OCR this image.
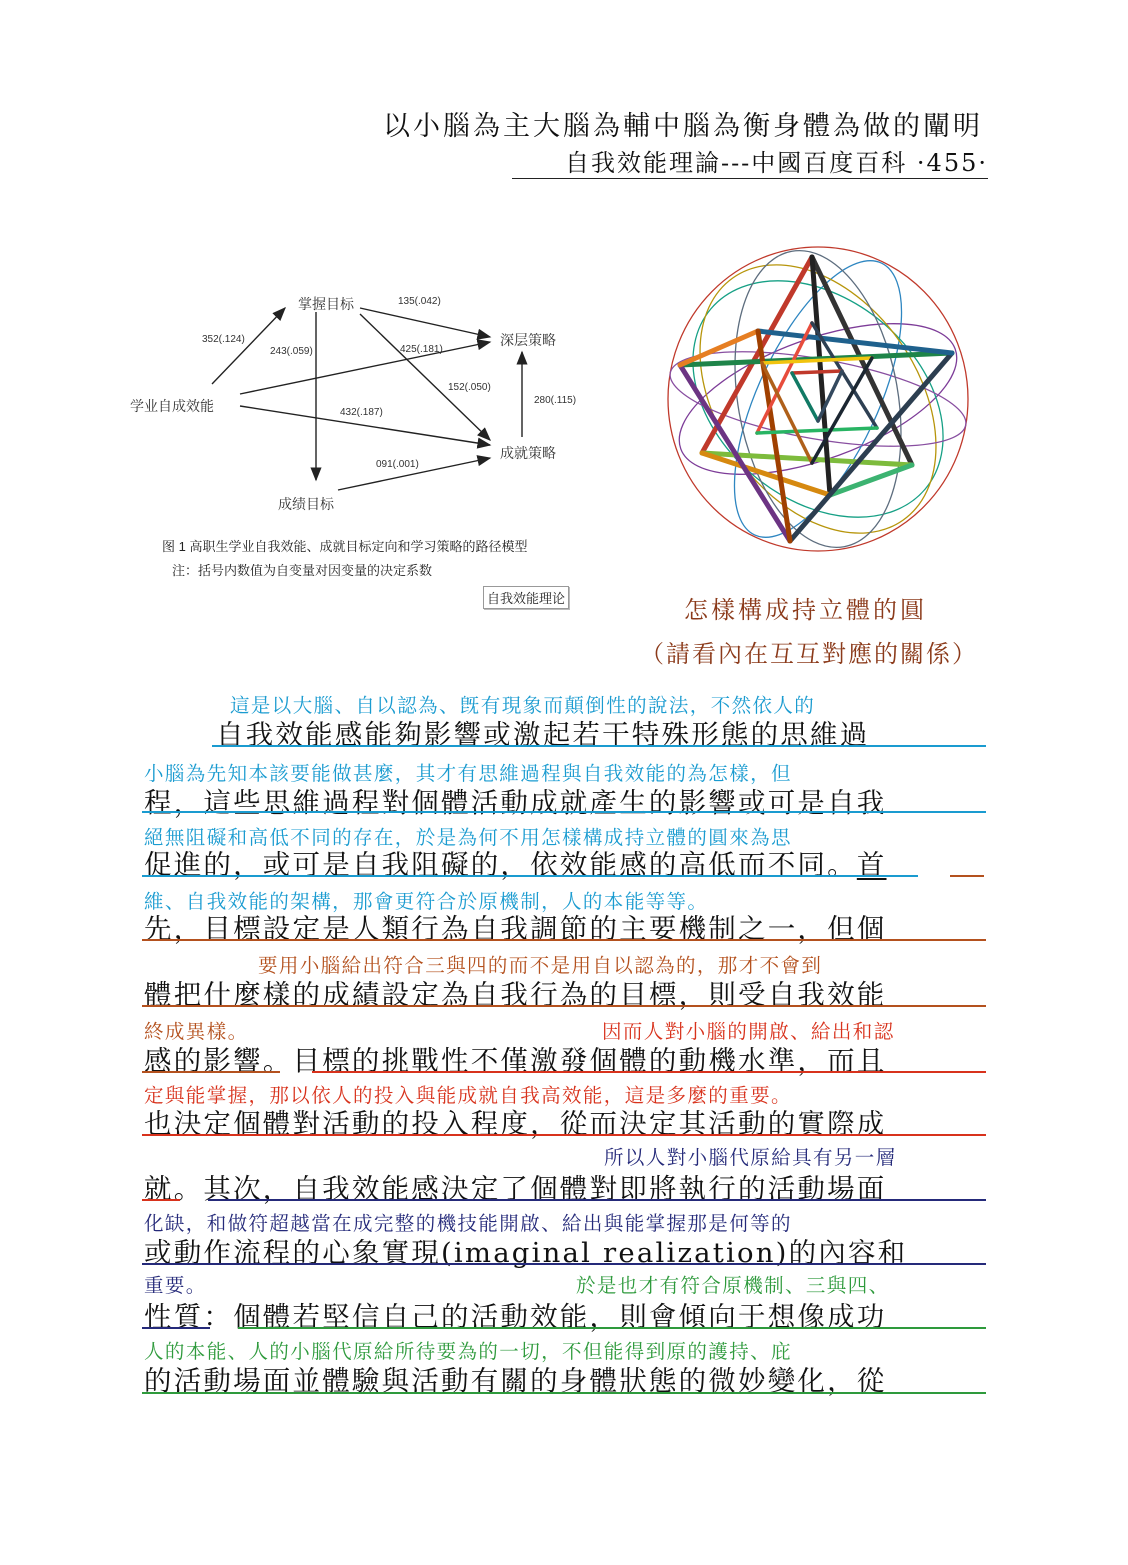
以小腦為主大腦為輔中腦為衡身體為做的闡明
自我效能理論---中國百度百科 ·455·
学业自成效能
掌握目标
深层策略
成就策略
成绩目标
352(.124)
243(.059)
135(.042)
425(.181)
152(.050)
280(.115)
432(.187)
091(.001)
图 1 高职生学业自我效能、成就目标定向和学习策略的路径模型
注：括号内数值为自变量对因变量的决定系数
自我效能理论	怎樣構成持立體的圓
（請看內在互互對應的關係）
這是以大腦、自以認為、旣有現象而顛倒性的說法，不然依人的
自我效能感能夠影響或激起若干特殊形態的思維過
小腦為先知本該要能做甚麼，其才有思維過程與自我效能的為怎樣，但
程，這些思維過程對個體活動成就產生的影響或可是自我
絕無阻礙和高低不同的存在，於是為何不用怎樣構成持立體的圓來為思
促進的，或可是自我阻礙的，依效能感的高低而不同。首
維、自我效能的架構，那會更符合於原機制，人的本能等等。
先，目標設定是人類行為自我調節的主要機制之一，但個
要用小腦給出符合三與四的而不是用自以認為的，那才不會到
體把什麼樣的成績設定為自我行為的目標，則受自我效能
終成異樣。	因而人對小腦的開啟、給出和認
感的影響。目標的挑戰性不僅激發個體的動機水準，而且
定與能掌握，那以依人的投入與能成就自我高效能，這是多麼的重要。
也決定個體對活動的投入程度，從而決定其活動的實際成
所以人對小腦代原給具有另一層
就。其次，自我效能感決定了個體對即將執行的活動場面
化缺，和做符超越當在成完整的機技能開啟、給出與能掌握那是何等的
或動作流程的心象實現(imaginal realization)的內容和
重要。	於是也才有符合原機制、三與四、
性質：個體若堅信自己的活動效能，則會傾向于想像成功
人的本能、人的小腦代原給所待要為的一切，不但能得到原的護持、庇
的活動場面並體驗與活動有關的身體狀態的微妙變化，從
